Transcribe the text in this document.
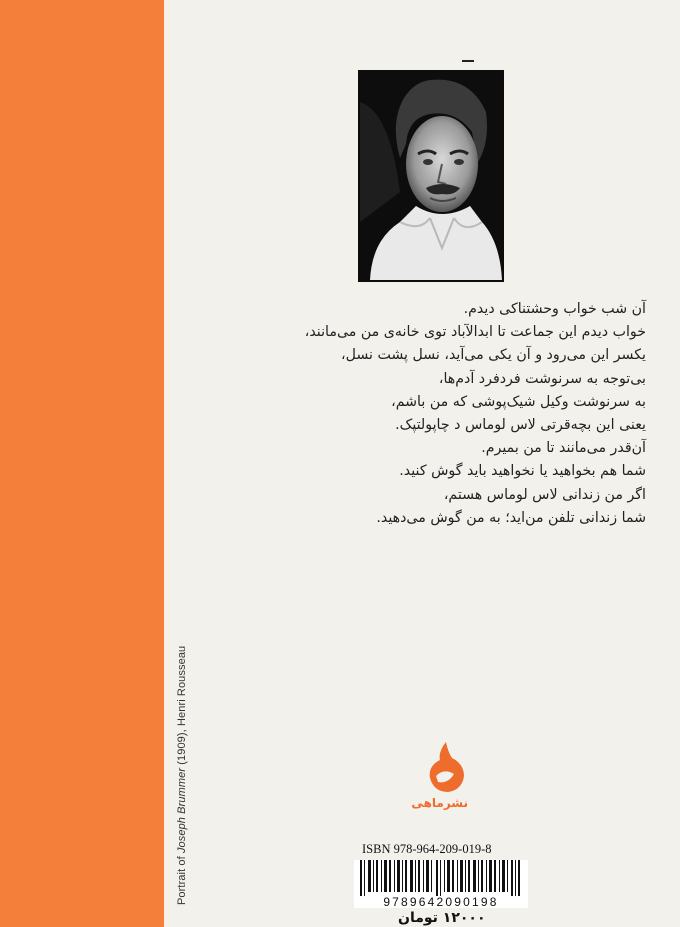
Portrait of Joseph Brummer (1909), Henri Rousseau
آن شب خواب وحشتناکی دیدم.
خواب دیدم این جماعت تا ابدالآباد توی خانه‌ی من می‌مانند،
یکسر این می‌رود و آن یکی می‌آید، نسل پشت نسل،
بی‌توجه به سرنوشت فردفرد آدم‌ها،
به سرنوشت وکیل شیک‌پوشی که من باشم،
یعنی این بچه‌قرتی لاس لوماس د چاپولتپک.
آن‌قدر می‌مانند تا من بمیرم.
شما هم بخواهید یا نخواهید باید گوش کنید.
اگر من زندانی لاس لوماس هستم،
شما زندانی تلفن من‌اید؛ به من گوش می‌دهید.
نشرماهی
ISBN 978-964-209-019-8
9789642090198
۱۲۰۰۰ تومان
